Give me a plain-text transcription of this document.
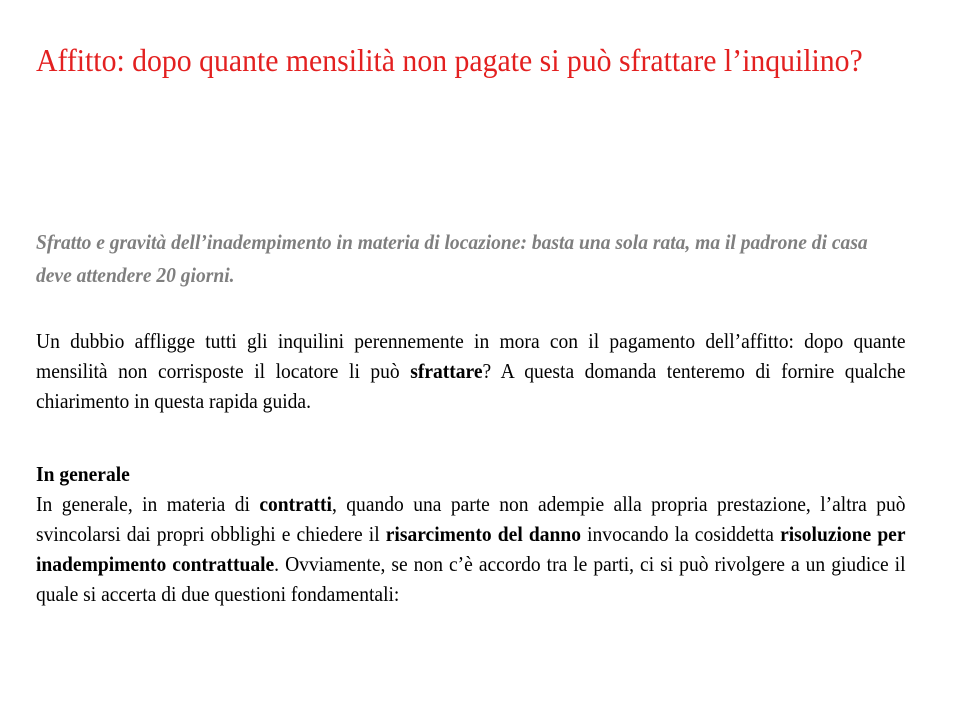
Affitto: dopo quante mensilità non pagate si può sfrattare l’inquilino?

Sfratto e gravità dell’inadempimento in materia di locazione: basta una sola rata, ma il padrone di casa deve attendere 20 giorni.

Un dubbio affligge tutti gli inquilini perennemente in mora con il pagamento dell’affitto: dopo quante mensilità non corrisposte il locatore li può sfrattare? A questa domanda tenteremo di fornire qualche chiarimento in questa rapida guida.

In generale

In generale, in materia di contratti, quando una parte non adempie alla propria prestazione, l’altra può svincolarsi dai propri obblighi e chiedere il risarcimento del danno invocando la cosiddetta risoluzione per inadempimento contrattuale. Ovviamente, se non c’è accordo tra le parti, ci si può rivolgere a un giudice il quale si accerta di due questioni fondamentali:
